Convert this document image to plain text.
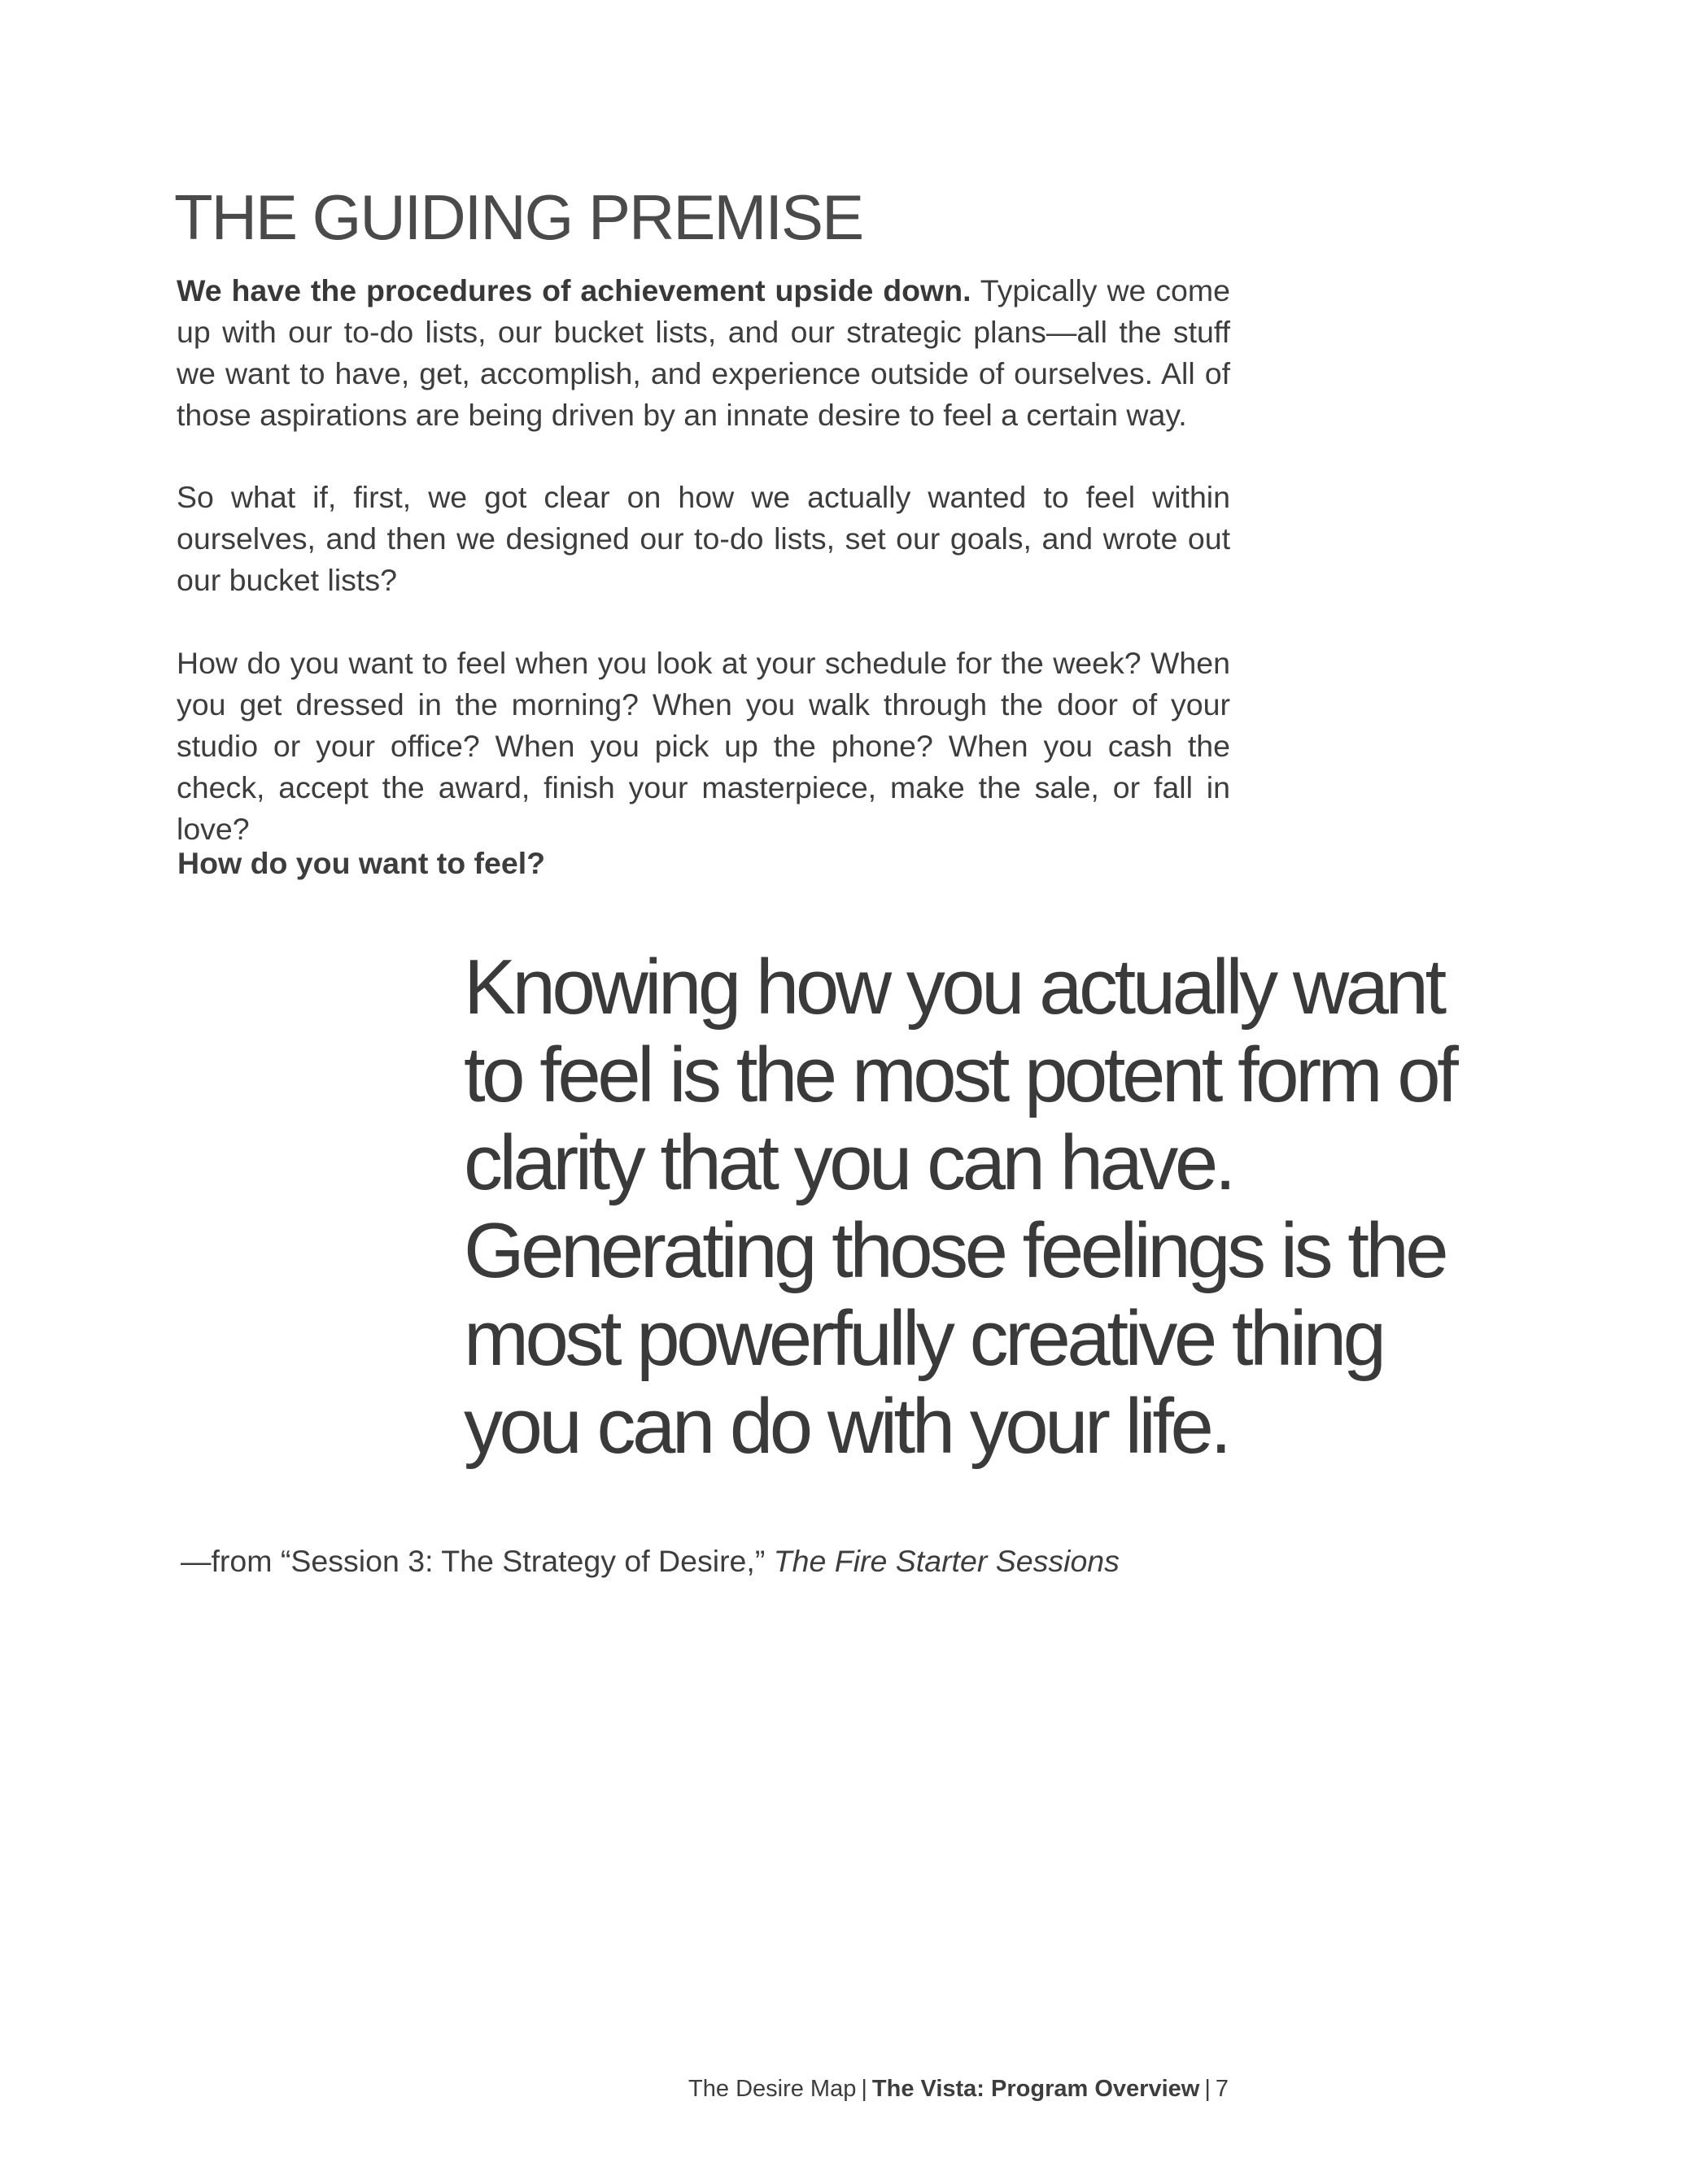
THE GUIDING PREMISE

We have the procedures of achievement upside down. Typically we come up with our to-do lists, our bucket lists, and our strategic plans—all the stuff we want to have, get, accomplish, and experience outside of ourselves. All of those aspirations are being driven by an innate desire to feel a certain way.

So what if, first, we got clear on how we actually wanted to feel within ourselves, and then we designed our to-do lists, set our goals, and wrote out our bucket lists?

How do you want to feel when you look at your schedule for the week? When you get dressed in the morning? When you walk through the door of your studio or your office? When you pick up the phone? When you cash the check, accept the award, finish your masterpiece, make the sale, or fall in love?

How do you want to feel?

Knowing how you actually want to feel is the most potent form of clarity that you can have. Generating those feelings is the most powerfully creative thing you can do with your life.

—from “Session 3: The Strategy of Desire,” The Fire Starter Sessions

The Desire Map | The Vista: Program Overview | 7
